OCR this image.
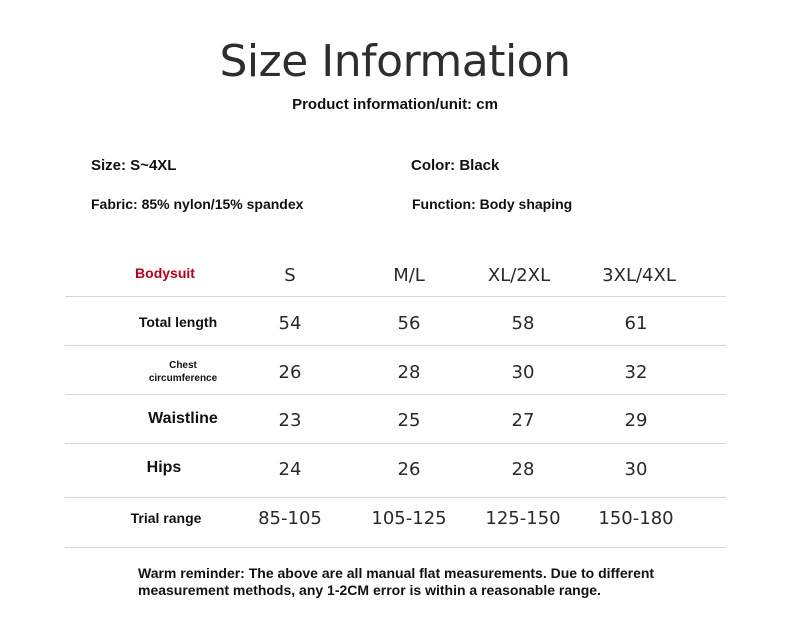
Size Information
Product information/unit: cm
Size: S~4XL	Color: Black
Fabric: 85% nylon/15% spandex	Function: Body shaping
Bodysuit	S	M/L	XL/2XL	3XL/4XL
Total length	54	56	58	61
Chest
circumference	26	28	30	32
Waistline	23	25	27	29
Hips	24	26	28	30
Trial range	85-105	105-125	125-150	150-180
Warm reminder: The above are all manual flat measurements. Due to different
measurement methods, any 1-2CM error is within a reasonable range.
